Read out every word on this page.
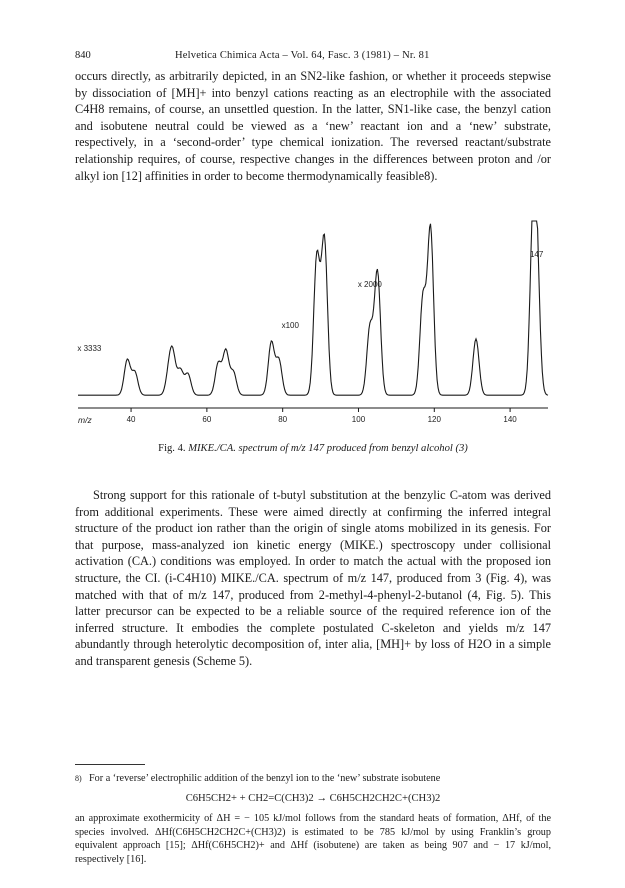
840	Helvetica Chimica Acta – Vol. 64, Fasc. 3 (1981) – Nr. 81

occurs directly, as arbitrarily depicted, in an SN2-like fashion, or whether it proceeds stepwise by dissociation of [MH]+ into benzyl cations reacting as an electrophile with the associated C4H8 remains, of course, an unsettled question. In the latter, SN1-like case, the benzyl cation and isobutene neutral could be viewed as a ‘new’ reactant ion and a ‘new’ substrate, respectively, in a ‘second-order’ type chemical ionization. The reversed reactant/substrate relationship requires, of course, respective changes in the differences between proton and /or alkyl ion [12] affinities in order to become thermodynamically feasible8).

40	60	80	100	120	140
m/z
x 3333
x100
x 2000
147
Fig. 4. MIKE./CA. spectrum of m/z 147 produced from benzyl alcohol (3)

Strong support for this rationale of t-butyl substitution at the benzylic C-atom was derived from additional experiments. These were aimed directly at confirming the inferred integral structure of the product ion rather than the origin of single atoms mobilized in its genesis. For that purpose, mass-analyzed ion kinetic energy (MIKE.) spectroscopy under collisional activation (CA.) conditions was employed. In order to match the actual with the proposed ion structure, the CI. (i-C4H10) MIKE./CA. spectrum of m/z 147, produced from 3 (Fig. 4), was matched with that of m/z 147, produced from 2-methyl-4-phenyl-2-butanol (4, Fig. 5). This latter precursor can be expected to be a reliable source of the required reference ion of the inferred structure. It embodies the complete postulated C-skeleton and yields m/z 147 abundantly through heterolytic decomposition of, inter alia, [MH]+ by loss of H2O in a simple and transparent genesis (Scheme 5).

8) For a ‘reverse’ electrophilic addition of the benzyl ion to the ‘new’ substrate isobutene

C6H5CH2+ + CH2=C(CH3)2 → C6H5CH2CH2C+(CH3)2

an approximate exothermicity of ΔH = − 105 kJ/mol follows from the standard heats of formation, ΔHf, of the species involved. ΔHf(C6H5CH2CH2C+(CH3)2) is estimated to be 785 kJ/mol by using Franklin’s group equivalent approach [15]; ΔHf(C6H5CH2)+ and ΔHf (isobutene) are taken as being 907 and − 17 kJ/mol, respectively [16].
